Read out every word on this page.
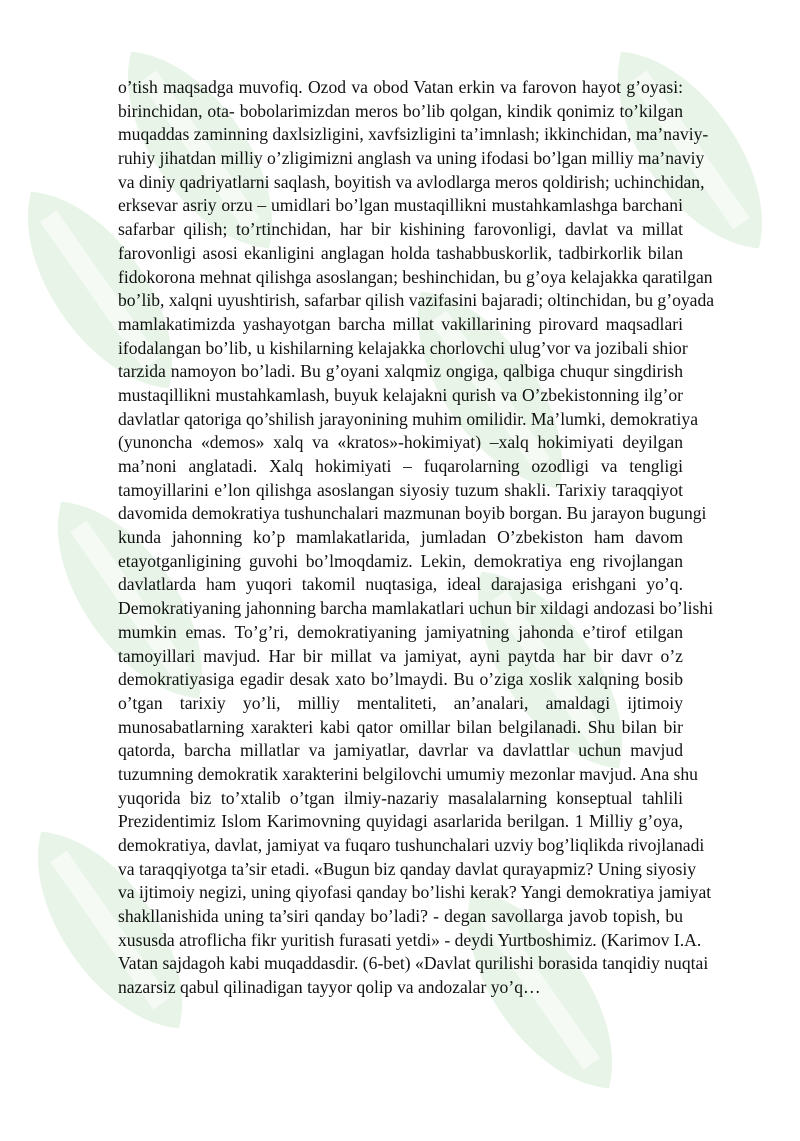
o’tish maqsadga muvofiq. Ozod va obod Vatan erkin va farovon hayot g’oyasi:
birinchidan, ota- bobolarimizdan meros bo’lib qolgan, kindik qonimiz to’kilgan
muqaddas zaminning daxlsizligini, xavfsizligini ta’imnlash; ikkinchidan, ma’naviy-
ruhiy jihatdan milliy o’zligimizni anglash va uning ifodasi bo’lgan milliy ma’naviy
va diniy qadriyatlarni saqlash, boyitish va avlodlarga meros qoldirish; uchinchidan,
erksevar asriy orzu – umidlari bo’lgan mustaqillikni mustahkamlashga barchani
safarbar qilish; to’rtinchidan, har bir kishining farovonligi, davlat va millat
farovonligi asosi ekanligini anglagan holda tashabbuskorlik, tadbirkorlik bilan
fidokorona mehnat qilishga asoslangan; beshinchidan, bu g’oya kelajakka qaratilgan
bo’lib, xalqni uyushtirish, safarbar qilish vazifasini bajaradi; oltinchidan, bu g’oyada
mamlakatimizda yashayotgan barcha millat vakillarining pirovard maqsadlari
ifodalangan bo’lib, u kishilarning kelajakka chorlovchi ulug’vor va jozibali shior
tarzida namoyon bo’ladi. Bu g’oyani xalqmiz ongiga, qalbiga chuqur singdirish
mustaqillikni mustahkamlash, buyuk kelajakni qurish va O’zbekistonning ilg’or
davlatlar qatoriga qo’shilish jarayonining muhim omilidir. Ma’lumki, demokratiya
(yunoncha «demos» xalq va «kratos»-hokimiyat) –xalq hokimiyati deyilgan
ma’noni anglatadi. Xalq hokimiyati – fuqarolarning ozodligi va tengligi
tamoyillarini e’lon qilishga asoslangan siyosiy tuzum shakli. Tarixiy taraqqiyot
davomida demokratiya tushunchalari mazmunan boyib borgan. Bu jarayon bugungi
kunda jahonning ko’p mamlakatlarida, jumladan O’zbekiston ham davom
etayotganligining guvohi bo’lmoqdamiz. Lekin, demokratiya eng rivojlangan
davlatlarda ham yuqori takomil nuqtasiga, ideal darajasiga erishgani yo’q.
Demokratiyaning jahonning barcha mamlakatlari uchun bir xildagi andozasi bo’lishi
mumkin emas. To’g’ri, demokratiyaning jamiyatning jahonda e’tirof etilgan
tamoyillari mavjud. Har bir millat va jamiyat, ayni paytda har bir davr o’z
demokratiyasiga egadir desak xato bo’lmaydi. Bu o’ziga xoslik xalqning bosib
o’tgan tarixiy yo’li, milliy mentaliteti, an’analari, amaldagi ijtimoiy
munosabatlarning xarakteri kabi qator omillar bilan belgilanadi. Shu bilan bir
qatorda, barcha millatlar va jamiyatlar, davrlar va davlattlar uchun mavjud
tuzumning demokratik xarakterini belgilovchi umumiy mezonlar mavjud. Ana shu
yuqorida biz to’xtalib o’tgan ilmiy-nazariy masalalarning konseptual tahlili
Prezidentimiz Islom Karimovning quyidagi asarlarida berilgan. 1 Milliy g’oya,
demokratiya, davlat, jamiyat va fuqaro tushunchalari uzviy bog’liqlikda rivojlanadi
va taraqqiyotga ta’sir etadi. «Bugun biz qanday davlat qurayapmiz? Uning siyosiy
va ijtimoiy negizi, uning qiyofasi qanday bo’lishi kerak? Yangi demokratiya jamiyat
shakllanishida uning ta’siri qanday bo’ladi? - degan savollarga javob topish, bu
xususda atroflicha fikr yuritish furasati yetdi» - deydi Yurtboshimiz. (Karimov I.A.
Vatan sajdagoh kabi muqaddasdir. (6-bet) «Davlat qurilishi borasida tanqidiy nuqtai
nazarsiz qabul qilinadigan tayyor qolip va andozalar yo’q…
